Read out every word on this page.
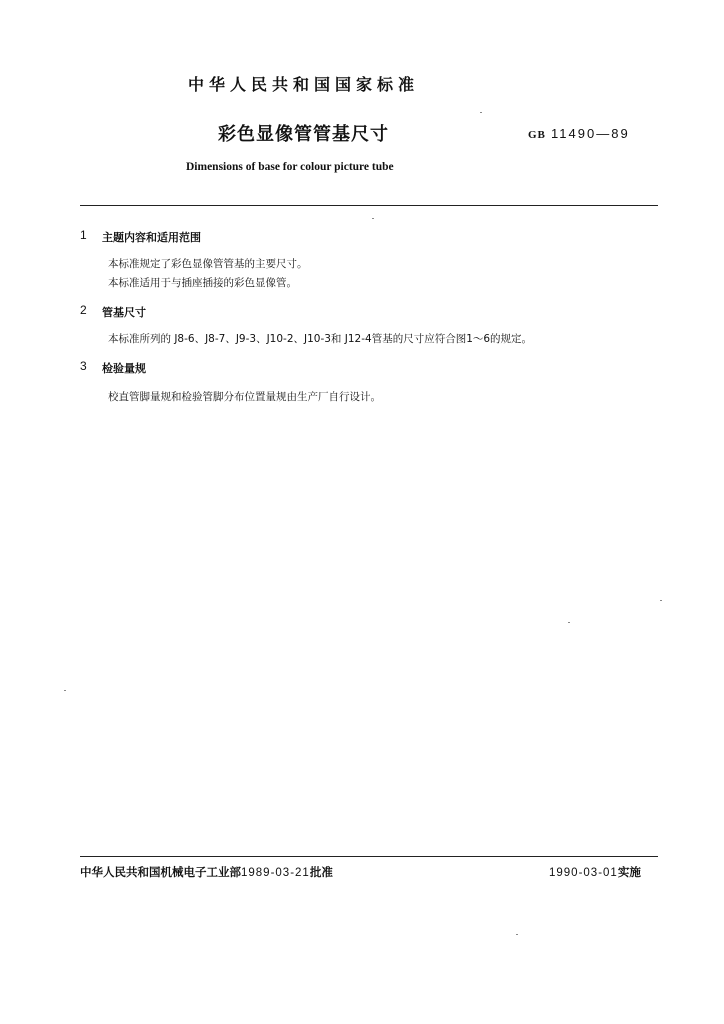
中华人民共和国国家标准
彩色显像管管基尺寸	GB 11490—89
Dimensions of base for colour picture tube
1 主题内容和适用范围
本标准规定了彩色显像管管基的主要尺寸。
本标准适用于与插座插接的彩色显像管。
2 管基尺寸
本标准所列的 J8-6、J8-7、J9-3、J10-2、J10-3和 J12-4管基的尺寸应符合图1～6的规定。
3 检验量规
校直管脚量规和检验管脚分布位置量规由生产厂自行设计。
中华人民共和国机械电子工业部1989-03-21批准	1990-03-01实施
